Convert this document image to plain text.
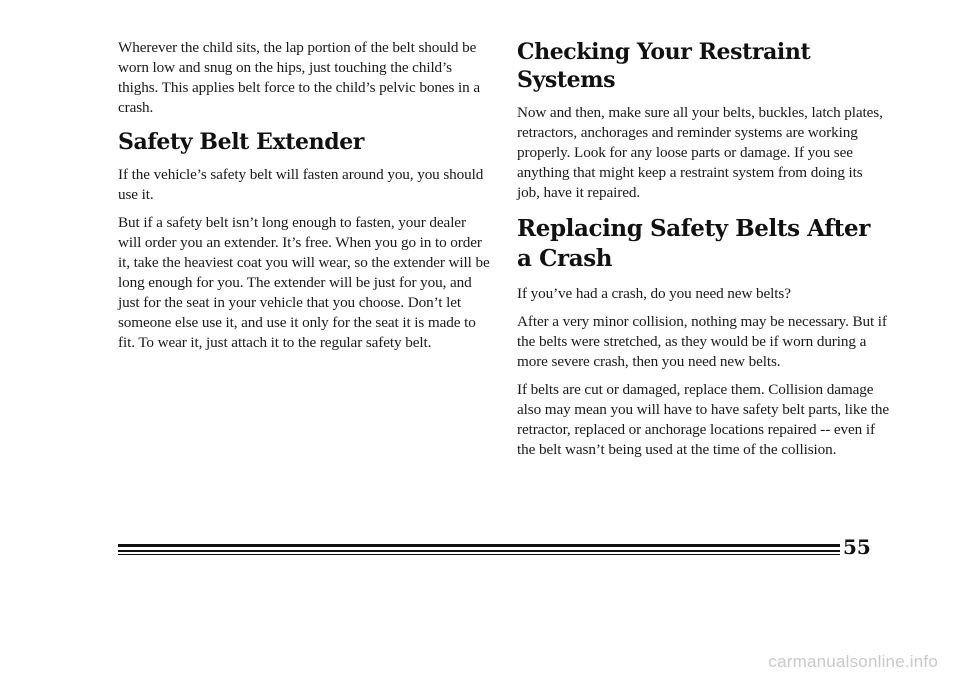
Wherever the child sits, the lap portion of the belt should be worn low and snug on the hips, just touching the child’s thighs. This applies belt force to the child’s pelvic bones in a crash.

Safety Belt Extender

If the vehicle’s safety belt will fasten around you, you should use it.

But if a safety belt isn’t long enough to fasten, your dealer will order you an extender. It’s free. When you go in to order it, take the heaviest coat you will wear, so the extender will be long enough for you. The extender will be just for you, and just for the seat in your vehicle that you choose. Don’t let someone else use it, and use it only for the seat it is made to fit. To wear it, just attach it to the regular safety belt.

Checking Your Restraint Systems

Now and then, make sure all your belts, buckles, latch plates, retractors, anchorages and reminder systems are working properly. Look for any loose parts or damage. If you see anything that might keep a restraint system from doing its job, have it repaired.

Replacing Safety Belts After a Crash

If you’ve had a crash, do you need new belts?

After a very minor collision, nothing may be necessary. But if the belts were stretched, as they would be if worn during a more severe crash, then you need new belts.

If belts are cut or damaged, replace them. Collision damage also may mean you will have to have safety belt parts, like the retractor, replaced or anchorage locations repaired -- even if the belt wasn’t being used at the time of the collision.

55
carmanualsonline.info
